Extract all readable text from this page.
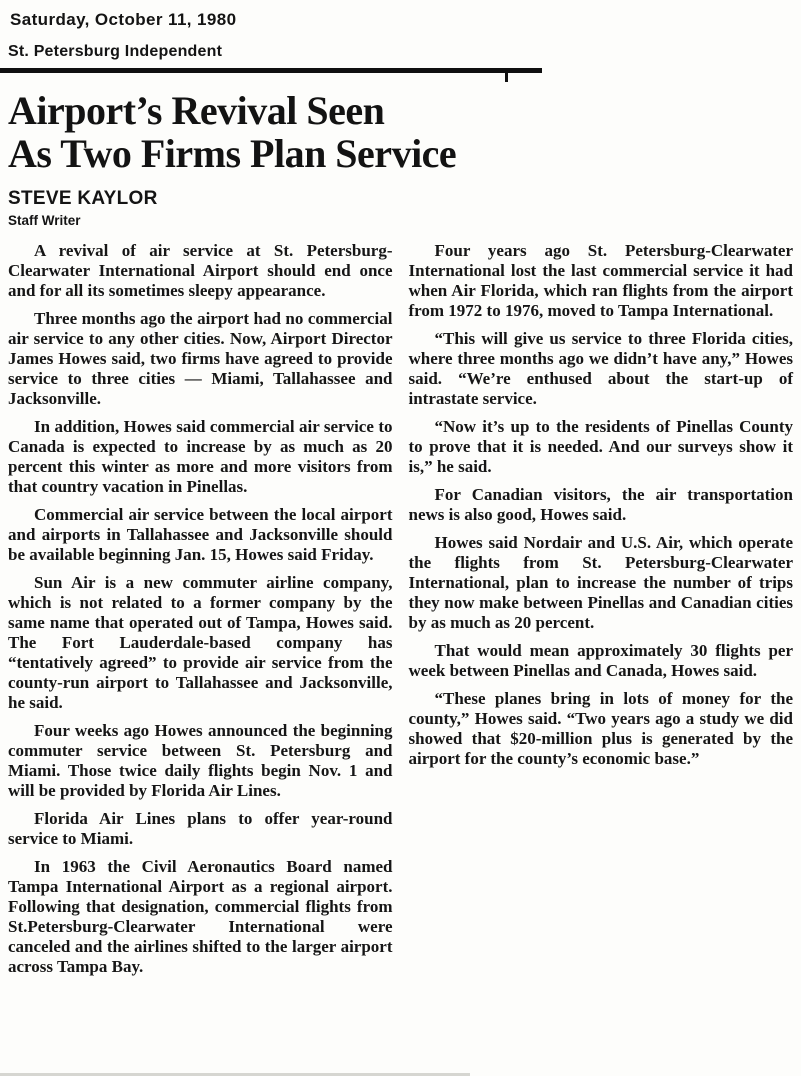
Saturday, October 11, 1980
St. Petersburg Independent
Airport’s Revival Seen
As Two Firms Plan Service
STEVE KAYLOR
Staff Writer

A revival of air service at St. Petersburg-Clearwater International Airport should end once and for all its sometimes sleepy appearance.

Three months ago the airport had no commercial air service to any other cities. Now, Airport Director James Howes said, two firms have agreed to provide service to three cities — Miami, Tallahassee and Jacksonville.

In addition, Howes said commercial air service to Canada is expected to increase by as much as 20 percent this winter as more and more visitors from that country vacation in Pinellas.

Commercial air service between the local airport and airports in Tallahassee and Jacksonville should be available beginning Jan. 15, Howes said Friday.

Sun Air is a new commuter airline company, which is not related to a former company by the same name that operated out of Tampa, Howes said. The Fort Lauderdale-based company has “tentatively agreed” to provide air service from the county-run airport to Tallahassee and Jacksonville, he said.

Four weeks ago Howes announced the beginning commuter service between St. Petersburg and Miami. Those twice daily flights begin Nov. 1 and will be provided by Florida Air Lines.

Florida Air Lines plans to offer year-round service to Miami.

In 1963 the Civil Aeronautics Board named Tampa International Airport as a regional airport. Following that designation, commercial flights from St.Petersburg-Clearwater International were canceled and the airlines shifted to the larger airport across Tampa Bay.

Four years ago St. Petersburg-Clearwater International lost the last commercial service it had when Air Florida, which ran flights from the airport from 1972 to 1976, moved to Tampa International.

“This will give us service to three Florida cities, where three months ago we didn’t have any,” Howes said. “We’re enthused about the start-up of intrastate service.

“Now it’s up to the residents of Pinellas County to prove that it is needed. And our surveys show it is,” he said.

For Canadian visitors, the air transportation news is also good, Howes said.

Howes said Nordair and U.S. Air, which operate the flights from St. Petersburg-Clearwater International, plan to increase the number of trips they now make between Pinellas and Canadian cities by as much as 20 percent.

That would mean approximately 30 flights per week between Pinellas and Canada, Howes said.

“These planes bring in lots of money for the county,” Howes said. “Two years ago a study we did showed that $20-million plus is generated by the airport for the county’s economic base.”
